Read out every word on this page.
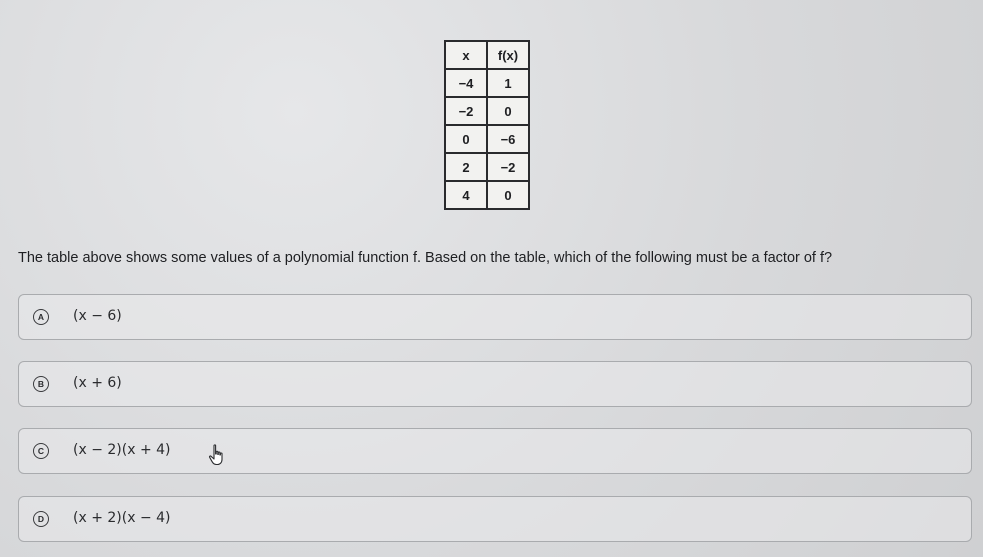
x	f(x)
−4	1
−2	0
0	−6
2	−2
4	0
The table above shows some values of a polynomial function f. Based on the table, which of the following must be a factor of f?
A	(x − 6)
B	(x + 6)
C	(x − 2)(x + 4)
D	(x + 2)(x − 4)
